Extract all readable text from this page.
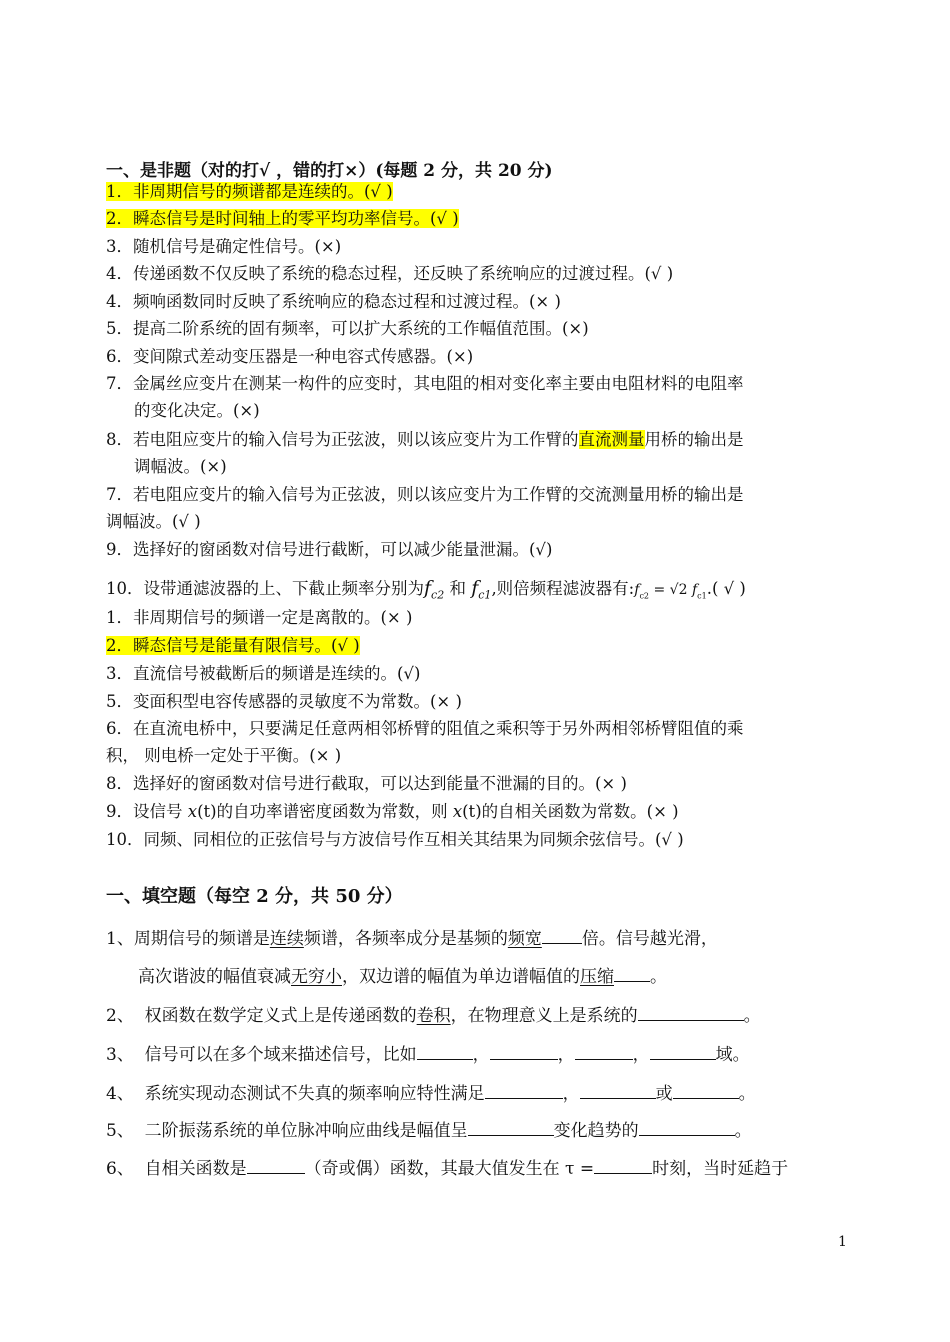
一、是非题（对的打√ ，错的打×）(每题 2 分，共 20 分)
1．非周期信号的频谱都是连续的。(√ )
2．瞬态信号是时间轴上的零平均功率信号。(√ )
3．随机信号是确定性信号。(×)
4．传递函数不仅反映了系统的稳态过程，还反映了系统响应的过渡过程。(√ )
4．频响函数同时反映了系统响应的稳态过程和过渡过程。(× )
5．提高二阶系统的固有频率，可以扩大系统的工作幅值范围。(×)
6．变间隙式差动变压器是一种电容式传感器。(×)
7．金属丝应变片在测某一构件的应变时，其电阻的相对变化率主要由电阻材料的电阻率
的变化决定。(×)
8．若电阻应变片的输入信号为正弦波，则以该应变片为工作臂的直流测量用桥的输出是
调幅波。(×)
7．若电阻应变片的输入信号为正弦波，则以该应变片为工作臂的交流测量用桥的输出是
调幅波。(√ )
9．选择好的窗函数对信号进行截断，可以减少能量泄漏。(√)
10．设带通滤波器的上、下截止频率分别为$f_{c2}$ 和 $f_{c1}$,则倍频程滤波器有$:f_{c2} = √2$ $f_{c1}$.( √ )
1．非周期信号的频谱一定是离散的。(× )
2．瞬态信号是能量有限信号。(√ )
3．直流信号被截断后的频谱是连续的。(√)
5．变面积型电容传感器的灵敏度不为常数。(× )
6．在直流电桥中，只要满足任意两相邻桥臂的阻值之乘积等于另外两相邻桥臂阻值的乘
积， 则电桥一定处于平衡。(× )
8．选择好的窗函数对信号进行截取，可以达到能量不泄漏的目的。(× )
9．设信号 x(t)的自功率谱密度函数为常数，则 x(t)的自相关函数为常数。(× )
10．同频、同相位的正弦信号与方波信号作互相关其结果为同频余弦信号。(√ )
一、填空题（每空 2 分，共 50 分）
1、周期信号的频谱是连续频谱，各频率成分是基频的频宽 倍。信号越光滑，
高次谐波的幅值衰减无穷小，双边谱的幅值为单边谱幅值的压缩 。
2、 权函数在数学定义式上是传递函数的卷积，在物理意义上是系统的	。
3、 信号可以在多个域来描述信号，比如	，	，	，	域。
4、 系统实现动态测试不失真的频率响应特性满足	，	或	。
5、 二阶振荡系统的单位脉冲响应曲线是幅值呈	变化趋势的	。
6、 自相关函数是	（奇或偶）函数，其最大值发生在 τ =	时刻，当时延趋于
1
